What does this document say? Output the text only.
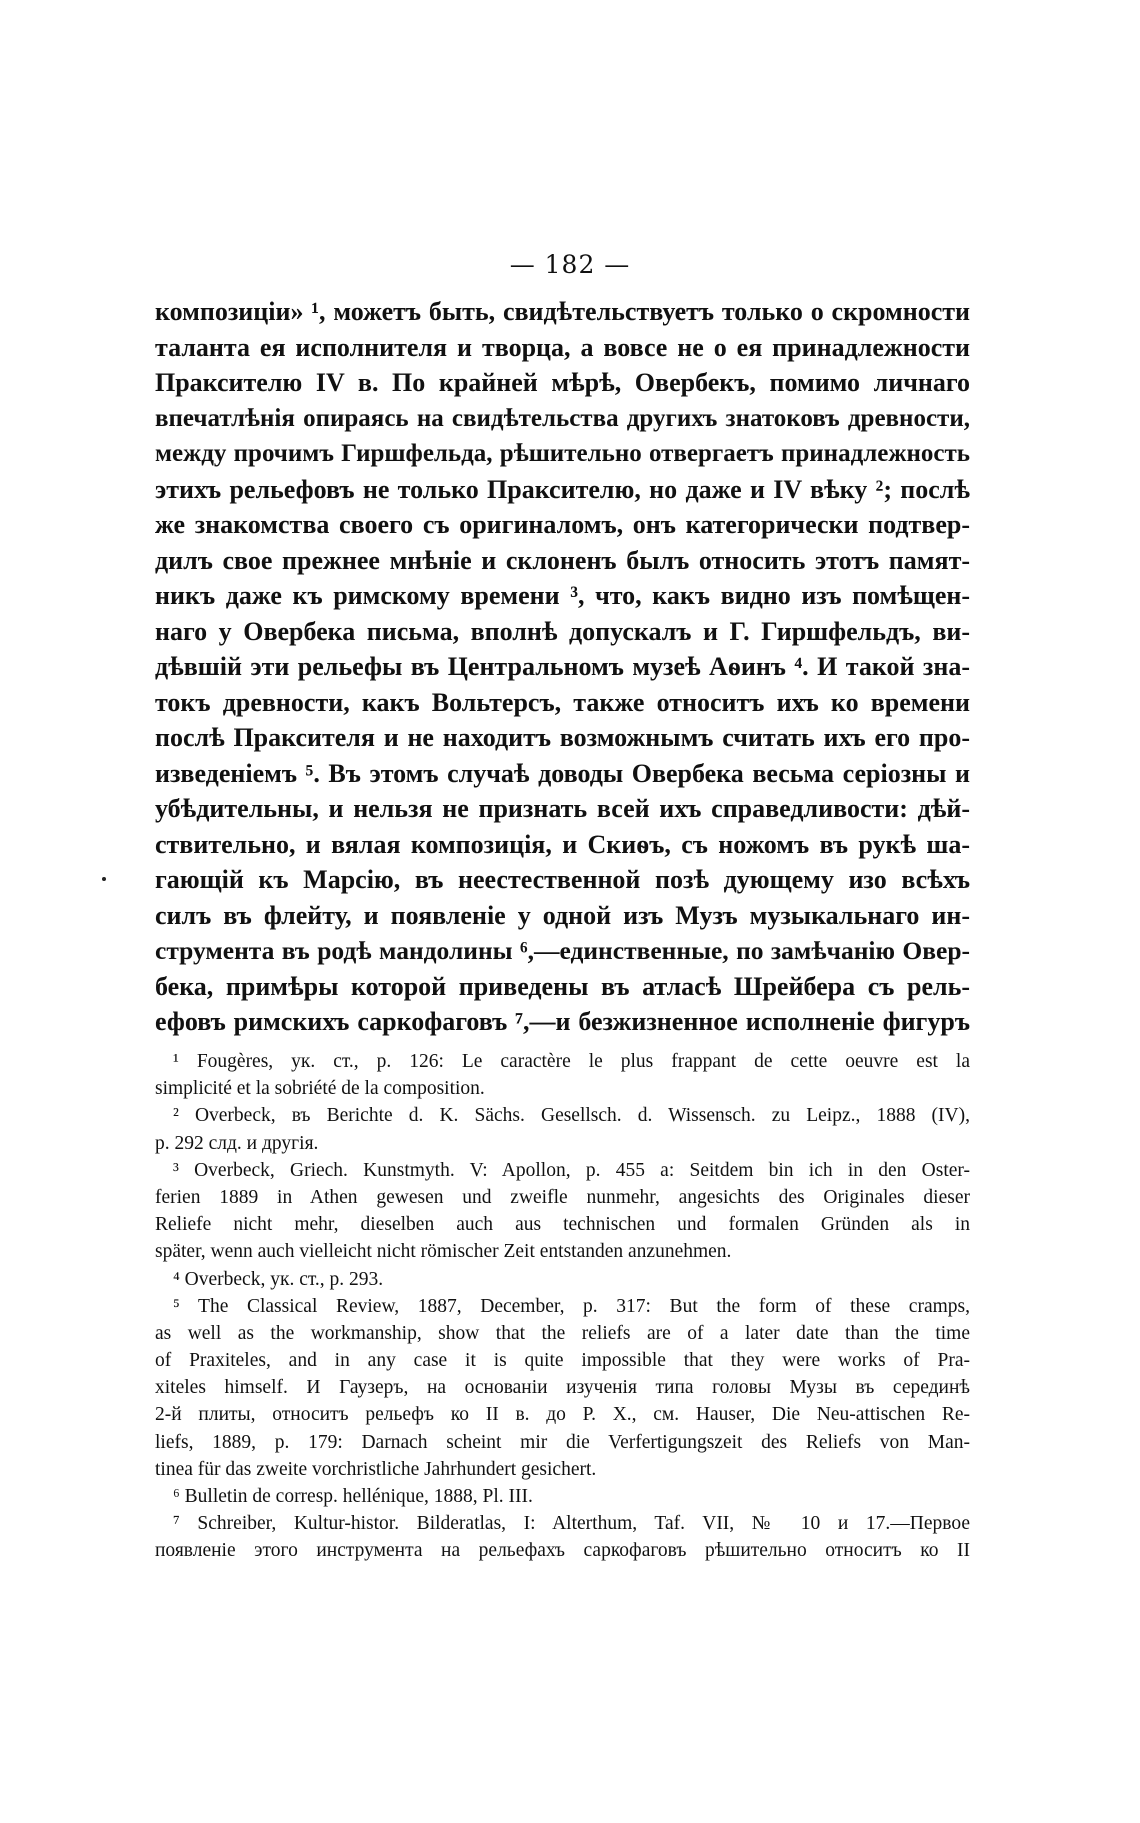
— 182 —
композиціи» ¹, можетъ быть, свидѣтельствуетъ только о скромности
таланта ея исполнителя и творца, а вовсе не о ея принадлежности
Праксителю IV в. По крайней мѣрѣ, Овербекъ, помимо личнаго
впечатлѣнія опираясь на свидѣтельства другихъ знатоковъ древности,
между прочимъ Гиршфельда, рѣшительно отвергаетъ принадлежность
этихъ рельефовъ не только Праксителю, но даже и IV вѣку ²; послѣ
же знакомства своего съ оригиналомъ, онъ категорически подтвер-
дилъ свое прежнее мнѣніе и склоненъ былъ относить этотъ памят-
никъ даже къ римскому времени ³, что, какъ видно изъ помѣщен-
наго у Овербека письма, вполнѣ допускалъ и Г. Гиршфельдъ, ви-
дѣвшій эти рельефы въ Центральномъ музеѣ Аѳинъ ⁴. И такой зна-
токъ древности, какъ Вольтерсъ, также относитъ ихъ ко времени
послѣ Праксителя и не находитъ возможнымъ считать ихъ его про-
изведеніемъ ⁵. Въ этомъ случаѣ доводы Овербека весьма серіозны и
убѣдительны, и нельзя не признать всей ихъ справедливости: дѣй-
ствительно, и вялая композиція, и Скиѳъ, съ ножомъ въ рукѣ ша-
гающій къ Марсію, въ неестественной позѣ дующему изо всѣхъ
силъ въ флейту, и появленіе у одной изъ Музъ музыкальнаго ин-
струмента въ родѣ мандолины ⁶,—единственные, по замѣчанію Овер-
бека, примѣры которой приведены въ атласѣ Шрейбера съ рель-
ефовъ римскихъ саркофаговъ ⁷,—и безжизненное исполненіе фигуръ
¹ Fougères, ук. ст., p. 126: Le caractère le plus frappant de cette oeuvre est la
simplicité et la sobriété de la composition.
² Overbeck, въ Berichte d. K. Sächs. Gesellsch. d. Wissensch. zu Leipz., 1888 (IV),
p. 292 слд. и другія.
³ Overbeck, Griech. Kunstmyth. V: Apollon, p. 455 a: Seitdem bin ich in den Oster-
ferien 1889 in Athen gewesen und zweifle nunmehr, angesichts des Originales dieser
Reliefe nicht mehr, dieselben auch aus technischen und formalen Gründen als in
später, wenn auch vielleicht nicht römischer Zeit entstanden anzunehmen.
⁴ Overbeck, ук. ст., p. 293.
⁵ The Classical Review, 1887, December, p. 317: But the form of these cramps,
as well as the workmanship, show that the reliefs are of a later date than the time
of Praxiteles, and in any case it is quite impossible that they were works of Pra-
xiteles himself. И Гаузеръ, на основаніи изученія типа головы Музы въ серединѣ
2-й плиты, относитъ рельефъ ко II в. до Р. Х., см. Hauser, Die Neu-attischen Re-
liefs, 1889, p. 179: Darnach scheint mir die Verfertigungszeit des Reliefs von Man-
tinea für das zweite vorchristliche Jahrhundert gesichert.
⁶ Bulletin de corresp. hellénique, 1888, Pl. III.
⁷ Schreiber, Kultur-histor. Bilderatlas, I: Alterthum, Taf. VII, № 10 и 17.—Первое
появленіе этого инструмента на рельефахъ саркофаговъ рѣшительно относитъ ко II
